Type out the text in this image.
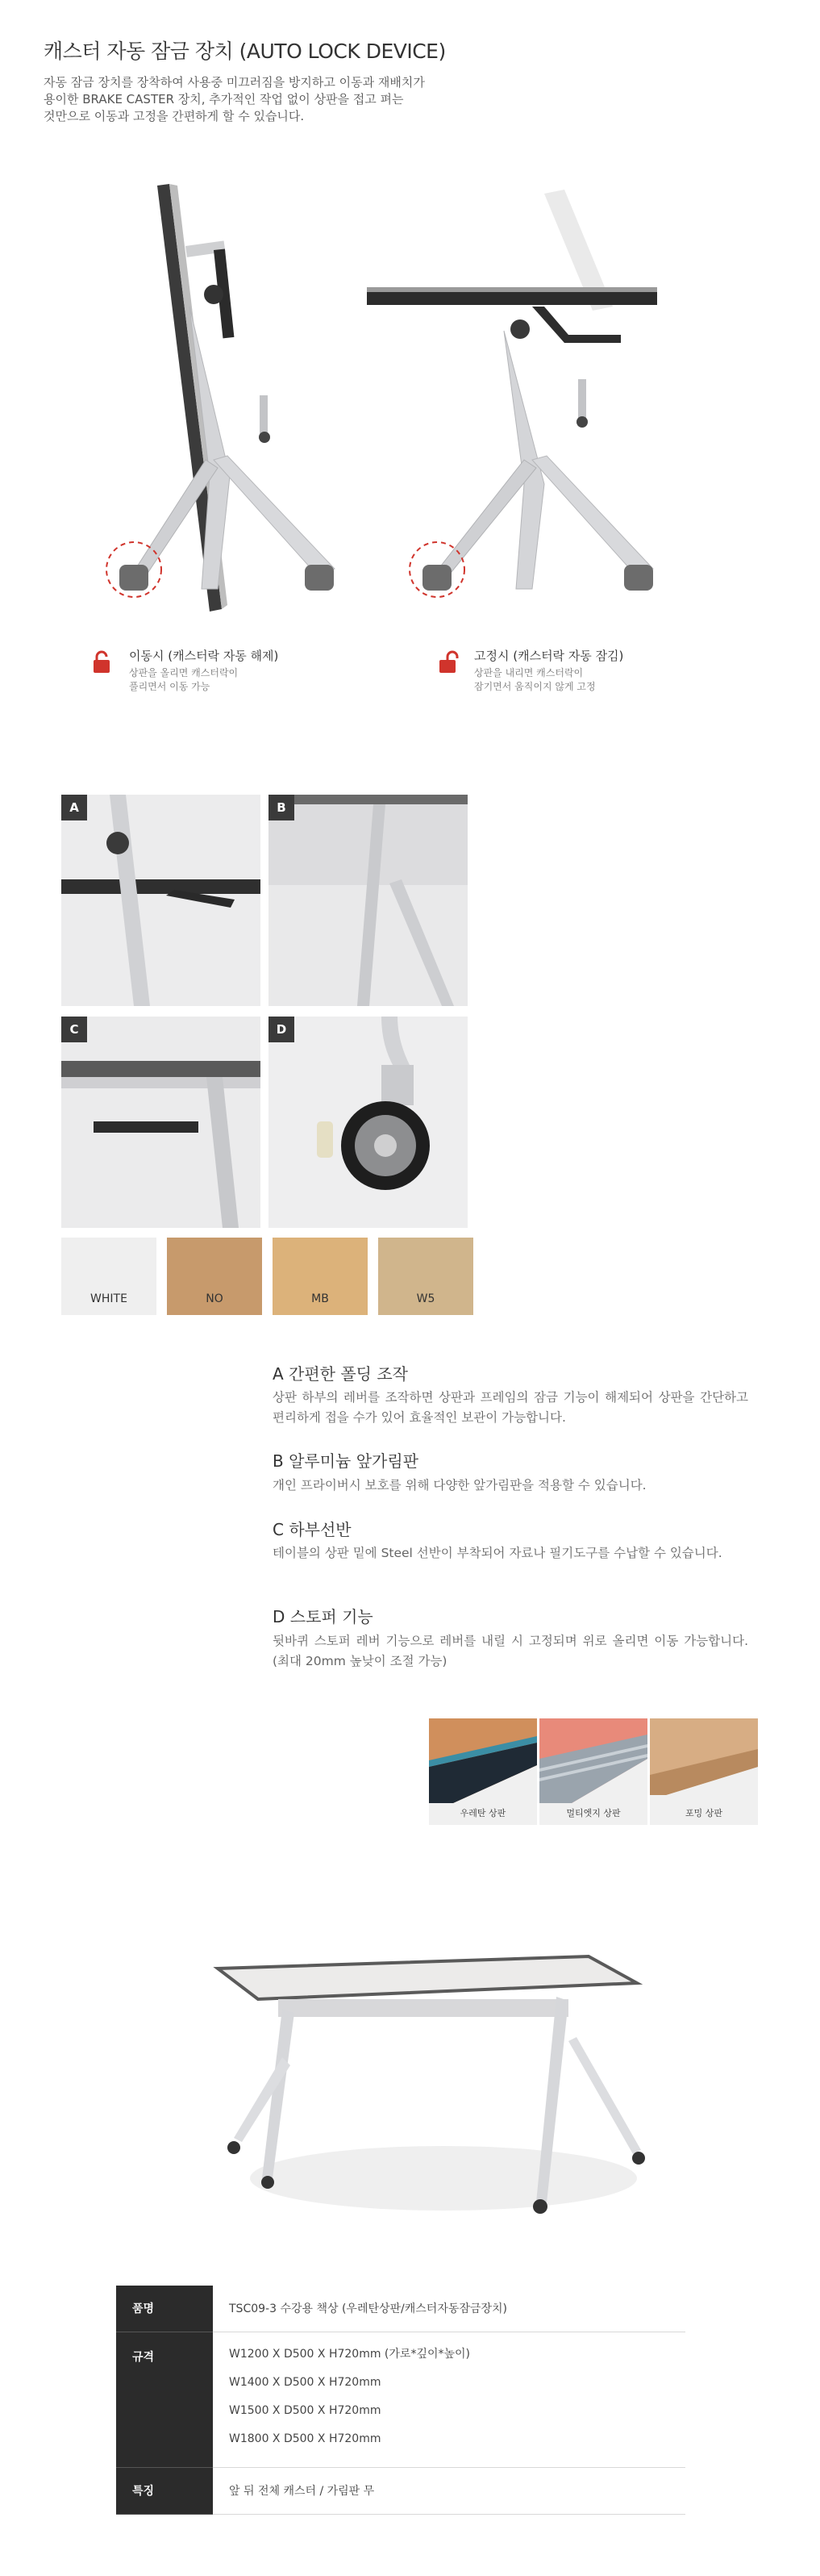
캐스터 자동 잠금 장치 (AUTO LOCK DEVICE)
자동 잠금 장치를 장착하여 사용중 미끄러짐을 방지하고 이동과 재배치가
용이한 BRAKE CASTER 장치, 추가적인 작업 없이 상판을 접고 펴는
것만으로 이동과 고정을 간편하게 할 수 있습니다.
이동시 (캐스터락 자동 해제)
상판을 올리면 캐스터락이
풀리면서 이동 가능
고정시 (캐스터락 자동 잠김)
상판을 내리면 캐스터락이
잠기면서 움직이지 않게 고정
A	B
C	D
WHITE	NO	MB	W5
A 간편한 폴딩 조작
상판 하부의 레버를 조작하면 상판과 프레임의 잠금 기능이 해제되어 상판을 간단하고 편리하게 접을 수가 있어 효율적인 보관이 가능합니다.
B 알루미늄 앞가림판
개인 프라이버시 보호를 위해 다양한 앞가림판을 적용할 수 있습니다.
C 하부선반
테이블의 상판 밑에 Steel 선반이 부착되어 자료나 필기도구를 수납할 수 있습니다.
D 스토퍼 기능
뒷바퀴 스토퍼 레버 기능으로 레버를 내릴 시 고정되며 위로 올리면 이동 가능합니다. (최대 20mm 높낮이 조절 가능)
우레탄 상판	멀티엣지 상판	포밍 상판
품명	TSC09-3 수강용 책상 (우레탄상판/캐스터자동잠금장치)
규격	W1200 X D500 X H720mm (가로*깊이*높이)
W1400 X D500 X H720mm
W1500 X D500 X H720mm
W1800 X D500 X H720mm

특징	앞 뒤 전체 캐스터 / 가림판 무
